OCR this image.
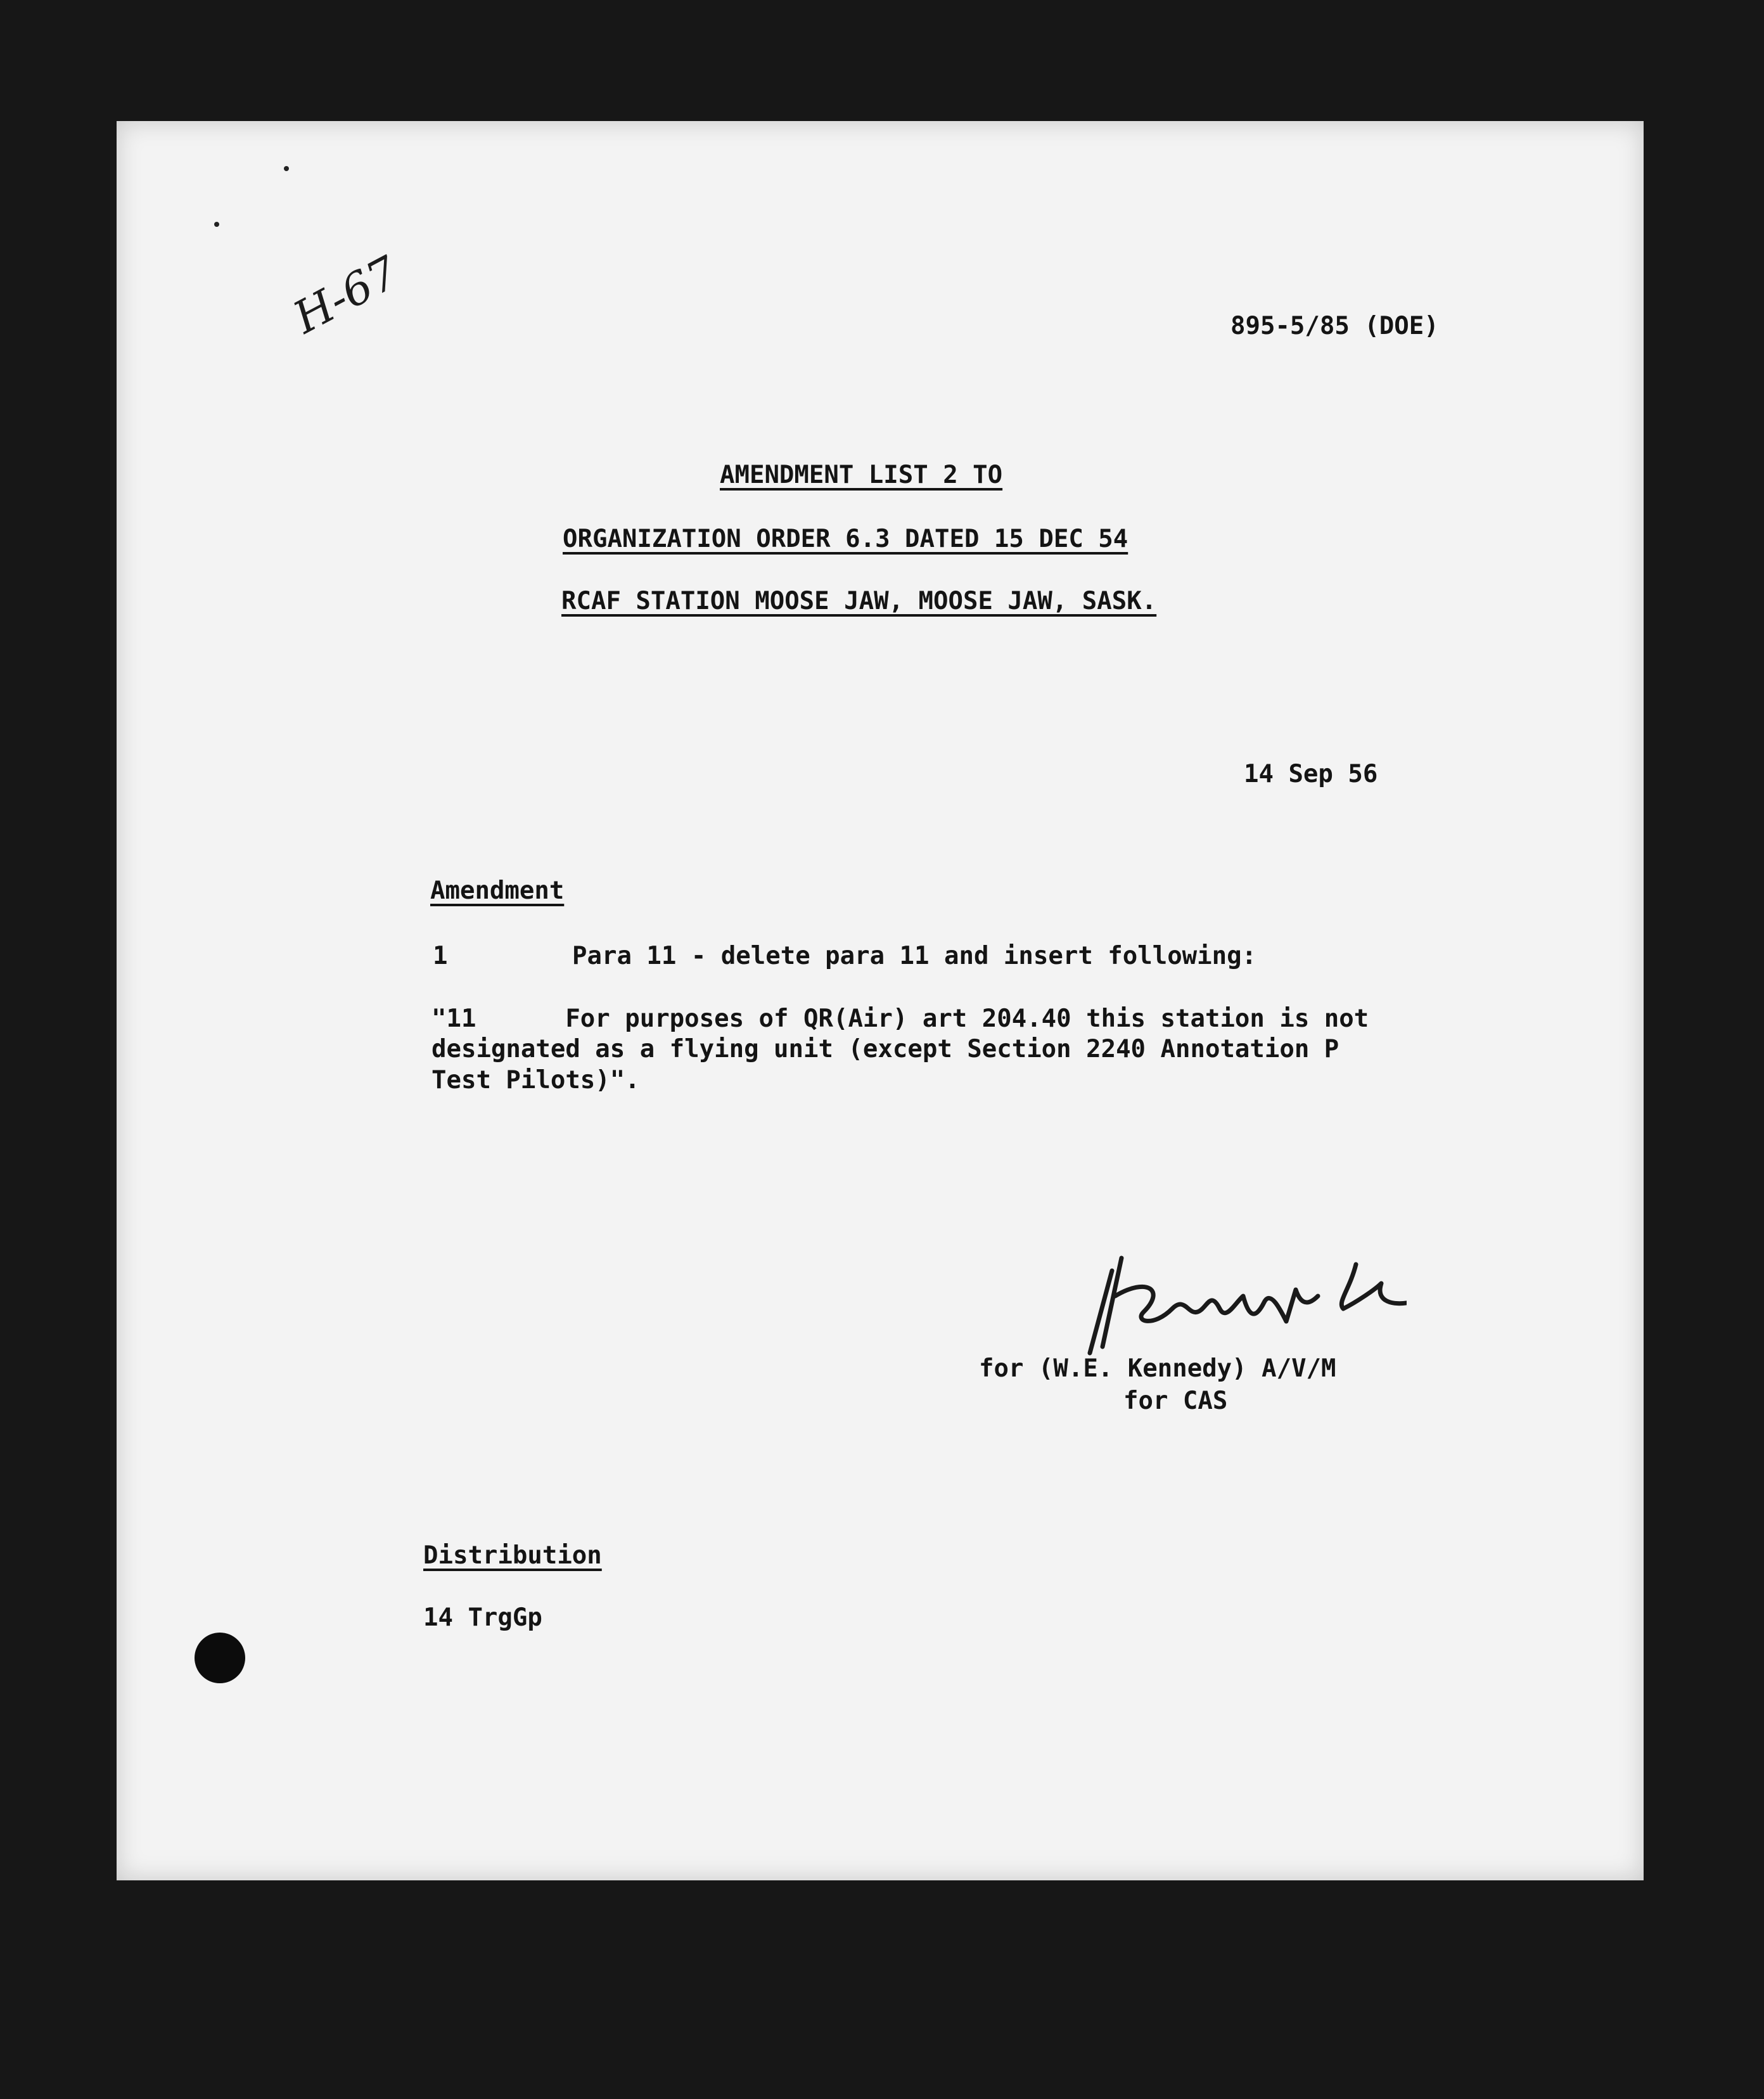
H-67	895-5/85 (DOE)
AMENDMENT LIST 2 TO
ORGANIZATION ORDER 6.3 DATED 15 DEC 54
RCAF STATION MOOSE JAW, MOOSE JAW, SASK.
14 Sep 56
Amendment
1	Para 11 - delete para 11 and insert following:
"11      For purposes of QR(Air) art 204.40 this station is not
designated as a flying unit (except Section 2240 Annotation P
Test Pilots)".
for (W.E. Kennedy) A/V/M
for CAS
Distribution
14 TrgGp
